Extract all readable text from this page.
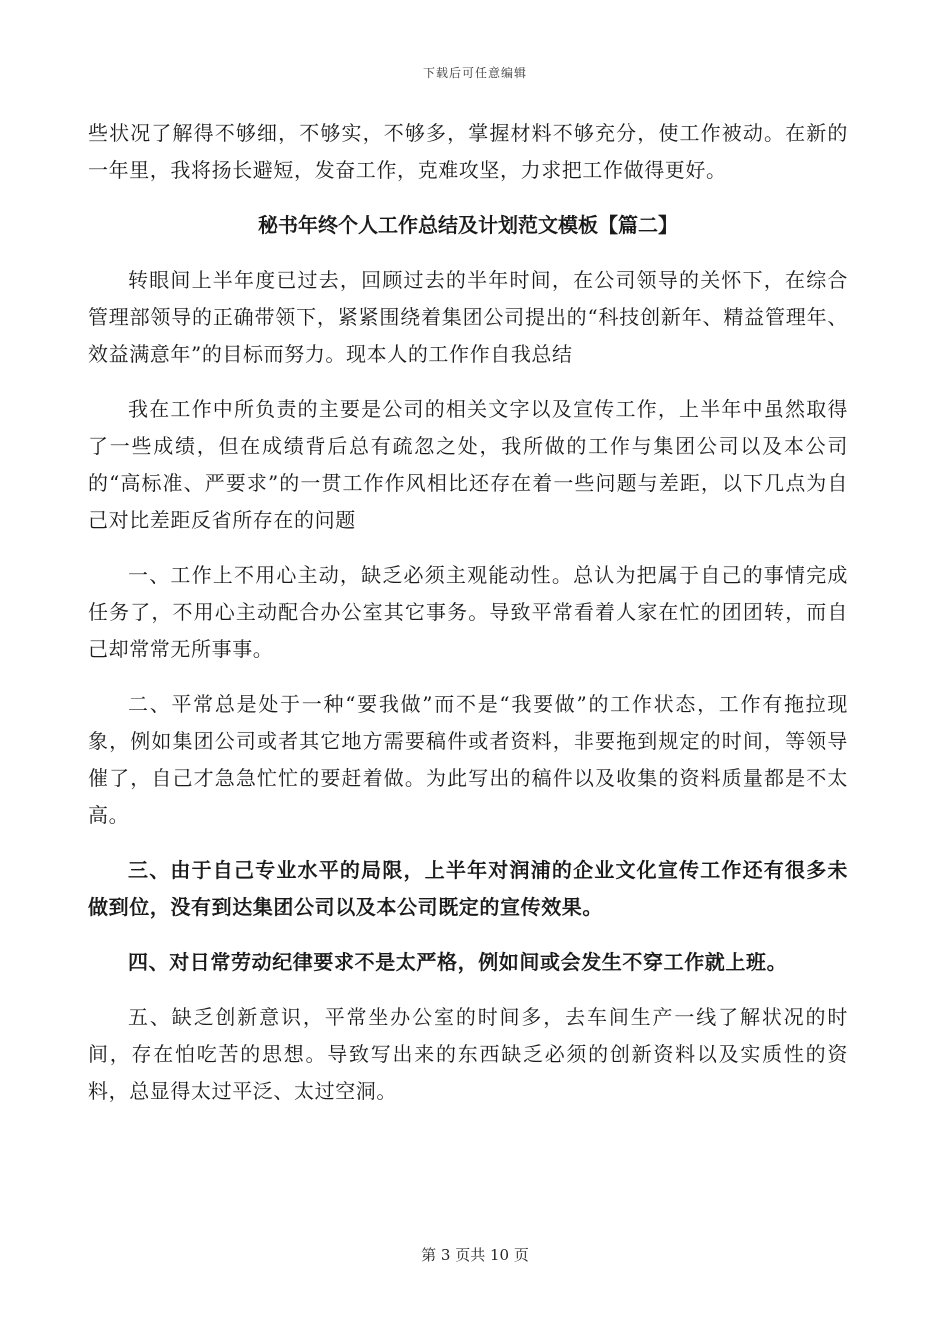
下载后可任意编辑

些状况了解得不够细，不够实，不够多，掌握材料不够充分，使工作被动。在新的一年里，我将扬长避短，发奋工作，克难攻坚，力求把工作做得更好。

秘书年终个人工作总结及计划范文模板【篇二】

转眼间上半年度已过去，回顾过去的半年时间，在公司领导的关怀下，在综合管理部领导的正确带领下，紧紧围绕着集团公司提出的“科技创新年、精益管理年、效益满意年”的目标而努力。现本人的工作作自我总结

我在工作中所负责的主要是公司的相关文字以及宣传工作，上半年中虽然取得了一些成绩，但在成绩背后总有疏忽之处，我所做的工作与集团公司以及本公司的“高标准、严要求”的一贯工作作风相比还存在着一些问题与差距，以下几点为自己对比差距反省所存在的问题

一、工作上不用心主动，缺乏必须主观能动性。总认为把属于自己的事情完成任务了，不用心主动配合办公室其它事务。导致平常看着人家在忙的团团转，而自己却常常无所事事。

二、平常总是处于一种“要我做”而不是“我要做”的工作状态，工作有拖拉现象，例如集团公司或者其它地方需要稿件或者资料，非要拖到规定的时间，等领导催了，自己才急急忙忙的要赶着做。为此写出的稿件以及收集的资料质量都是不太高。

三、由于自己专业水平的局限，上半年对润浦的企业文化宣传工作还有很多未做到位，没有到达集团公司以及本公司既定的宣传效果。

四、对日常劳动纪律要求不是太严格，例如间或会发生不穿工作就上班。

五、缺乏创新意识，平常坐办公室的时间多，去车间生产一线了解状况的时间，存在怕吃苦的思想。导致写出来的东西缺乏必须的创新资料以及实质性的资料，总显得太过平泛、太过空洞。

第 3 页共 10 页
